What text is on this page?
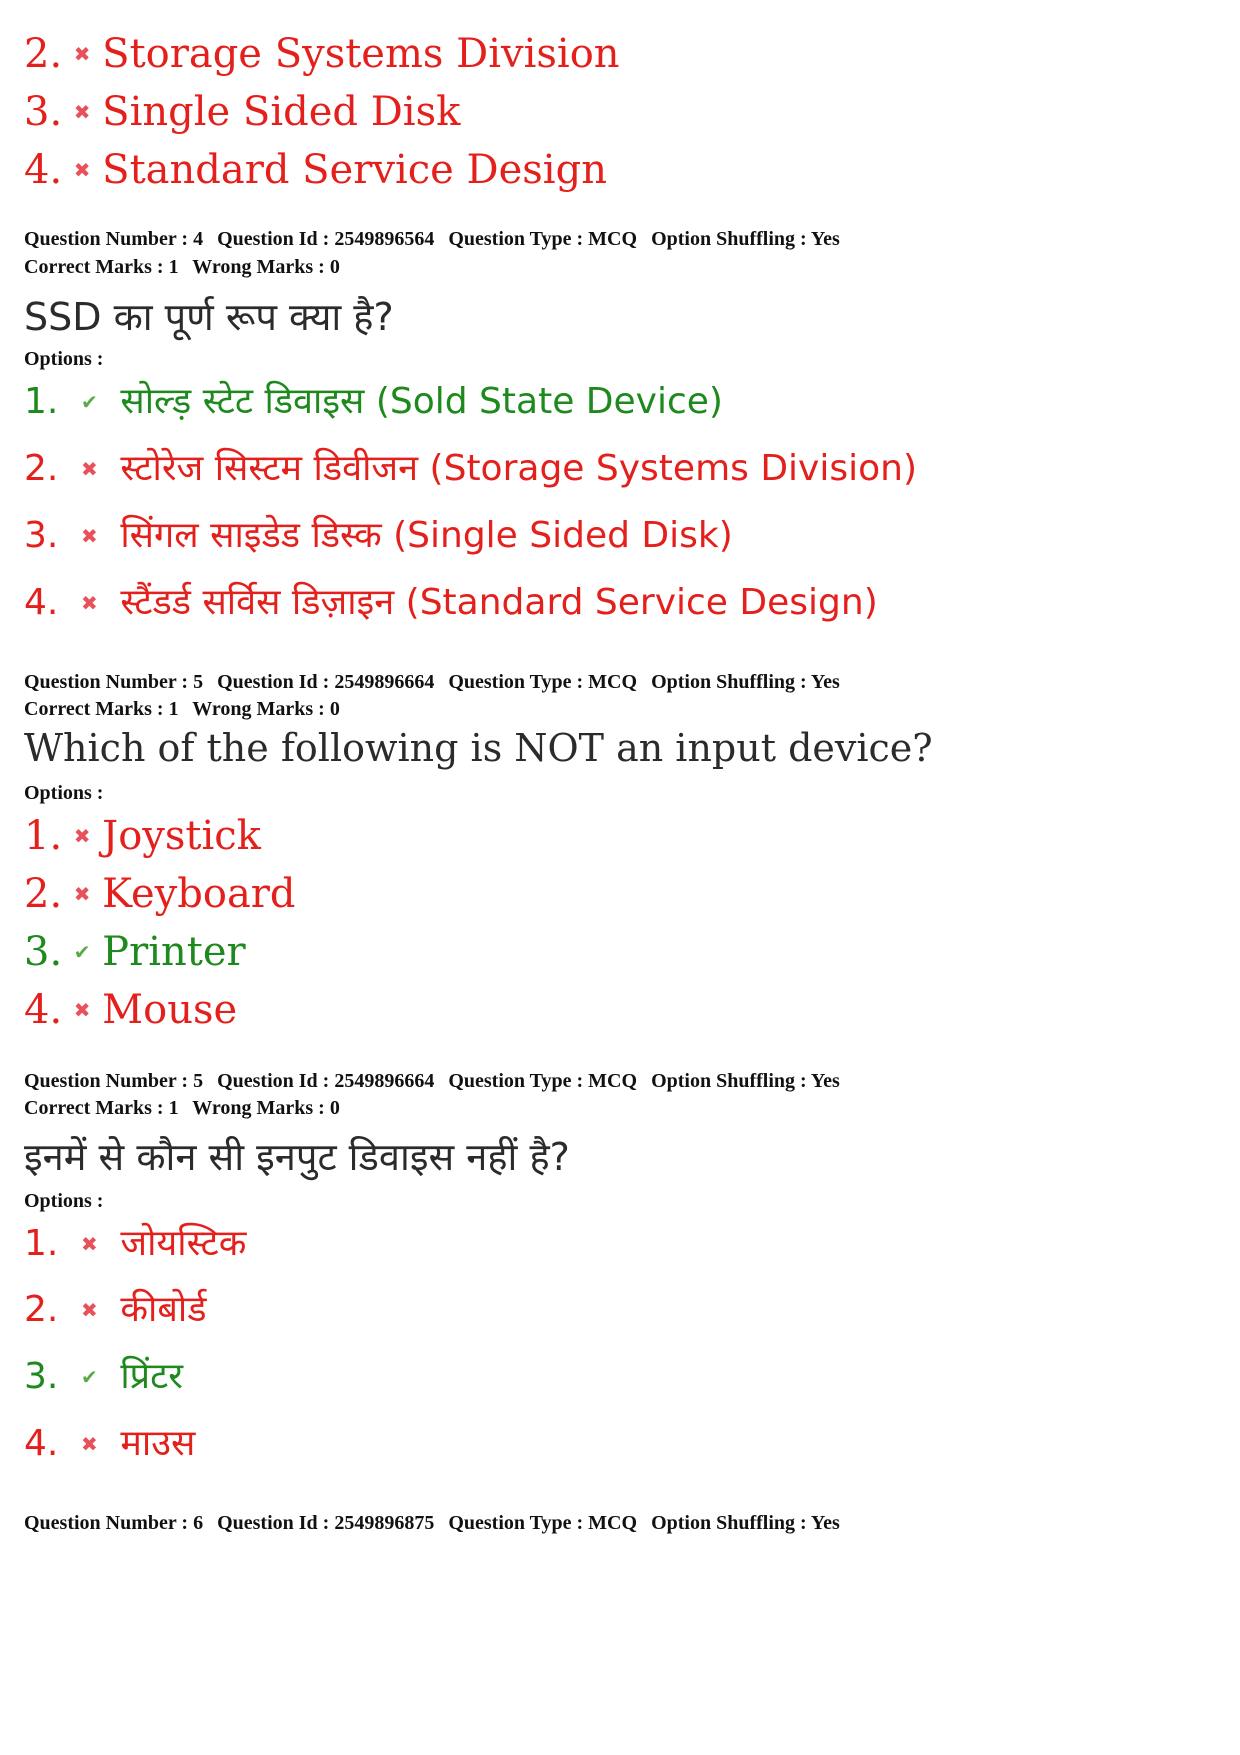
2. ✖ Storage Systems Division
3. ✖ Single Sided Disk
4. ✖ Standard Service Design
Question Number : 4 Question Id : 2549896564 Question Type : MCQ Option Shuffling : Yes
Correct Marks : 1 Wrong Marks : 0
SSD का पूर्ण रूप क्या है?
Options :
1.	✔ सोल्ड़ स्टेट डिवाइस (Sold State Device)
2.	✖ स्टोरेज सिस्टम डिवीजन (Storage Systems Division)
3.	✖ सिंगल साइडेड डिस्क (Single Sided Disk)
4.	✖ स्टैंडर्ड सर्विस डिज़ाइन (Standard Service Design)
Question Number : 5 Question Id : 2549896664 Question Type : MCQ Option Shuffling : Yes
Correct Marks : 1 Wrong Marks : 0
Which of the following is NOT an input device?
Options :
1. ✖ Joystick
2. ✖ Keyboard
3. ✔ Printer
4. ✖ Mouse
Question Number : 5 Question Id : 2549896664 Question Type : MCQ Option Shuffling : Yes
Correct Marks : 1 Wrong Marks : 0
इनमें से कौन सी इनपुट डिवाइस नहीं है?
Options :
1.	✖ जोयस्टिक
2.	✖ कीबोर्ड
3.	✔ प्रिंटर
4.	✖ माउस
Question Number : 6 Question Id : 2549896875 Question Type : MCQ Option Shuffling : Yes
